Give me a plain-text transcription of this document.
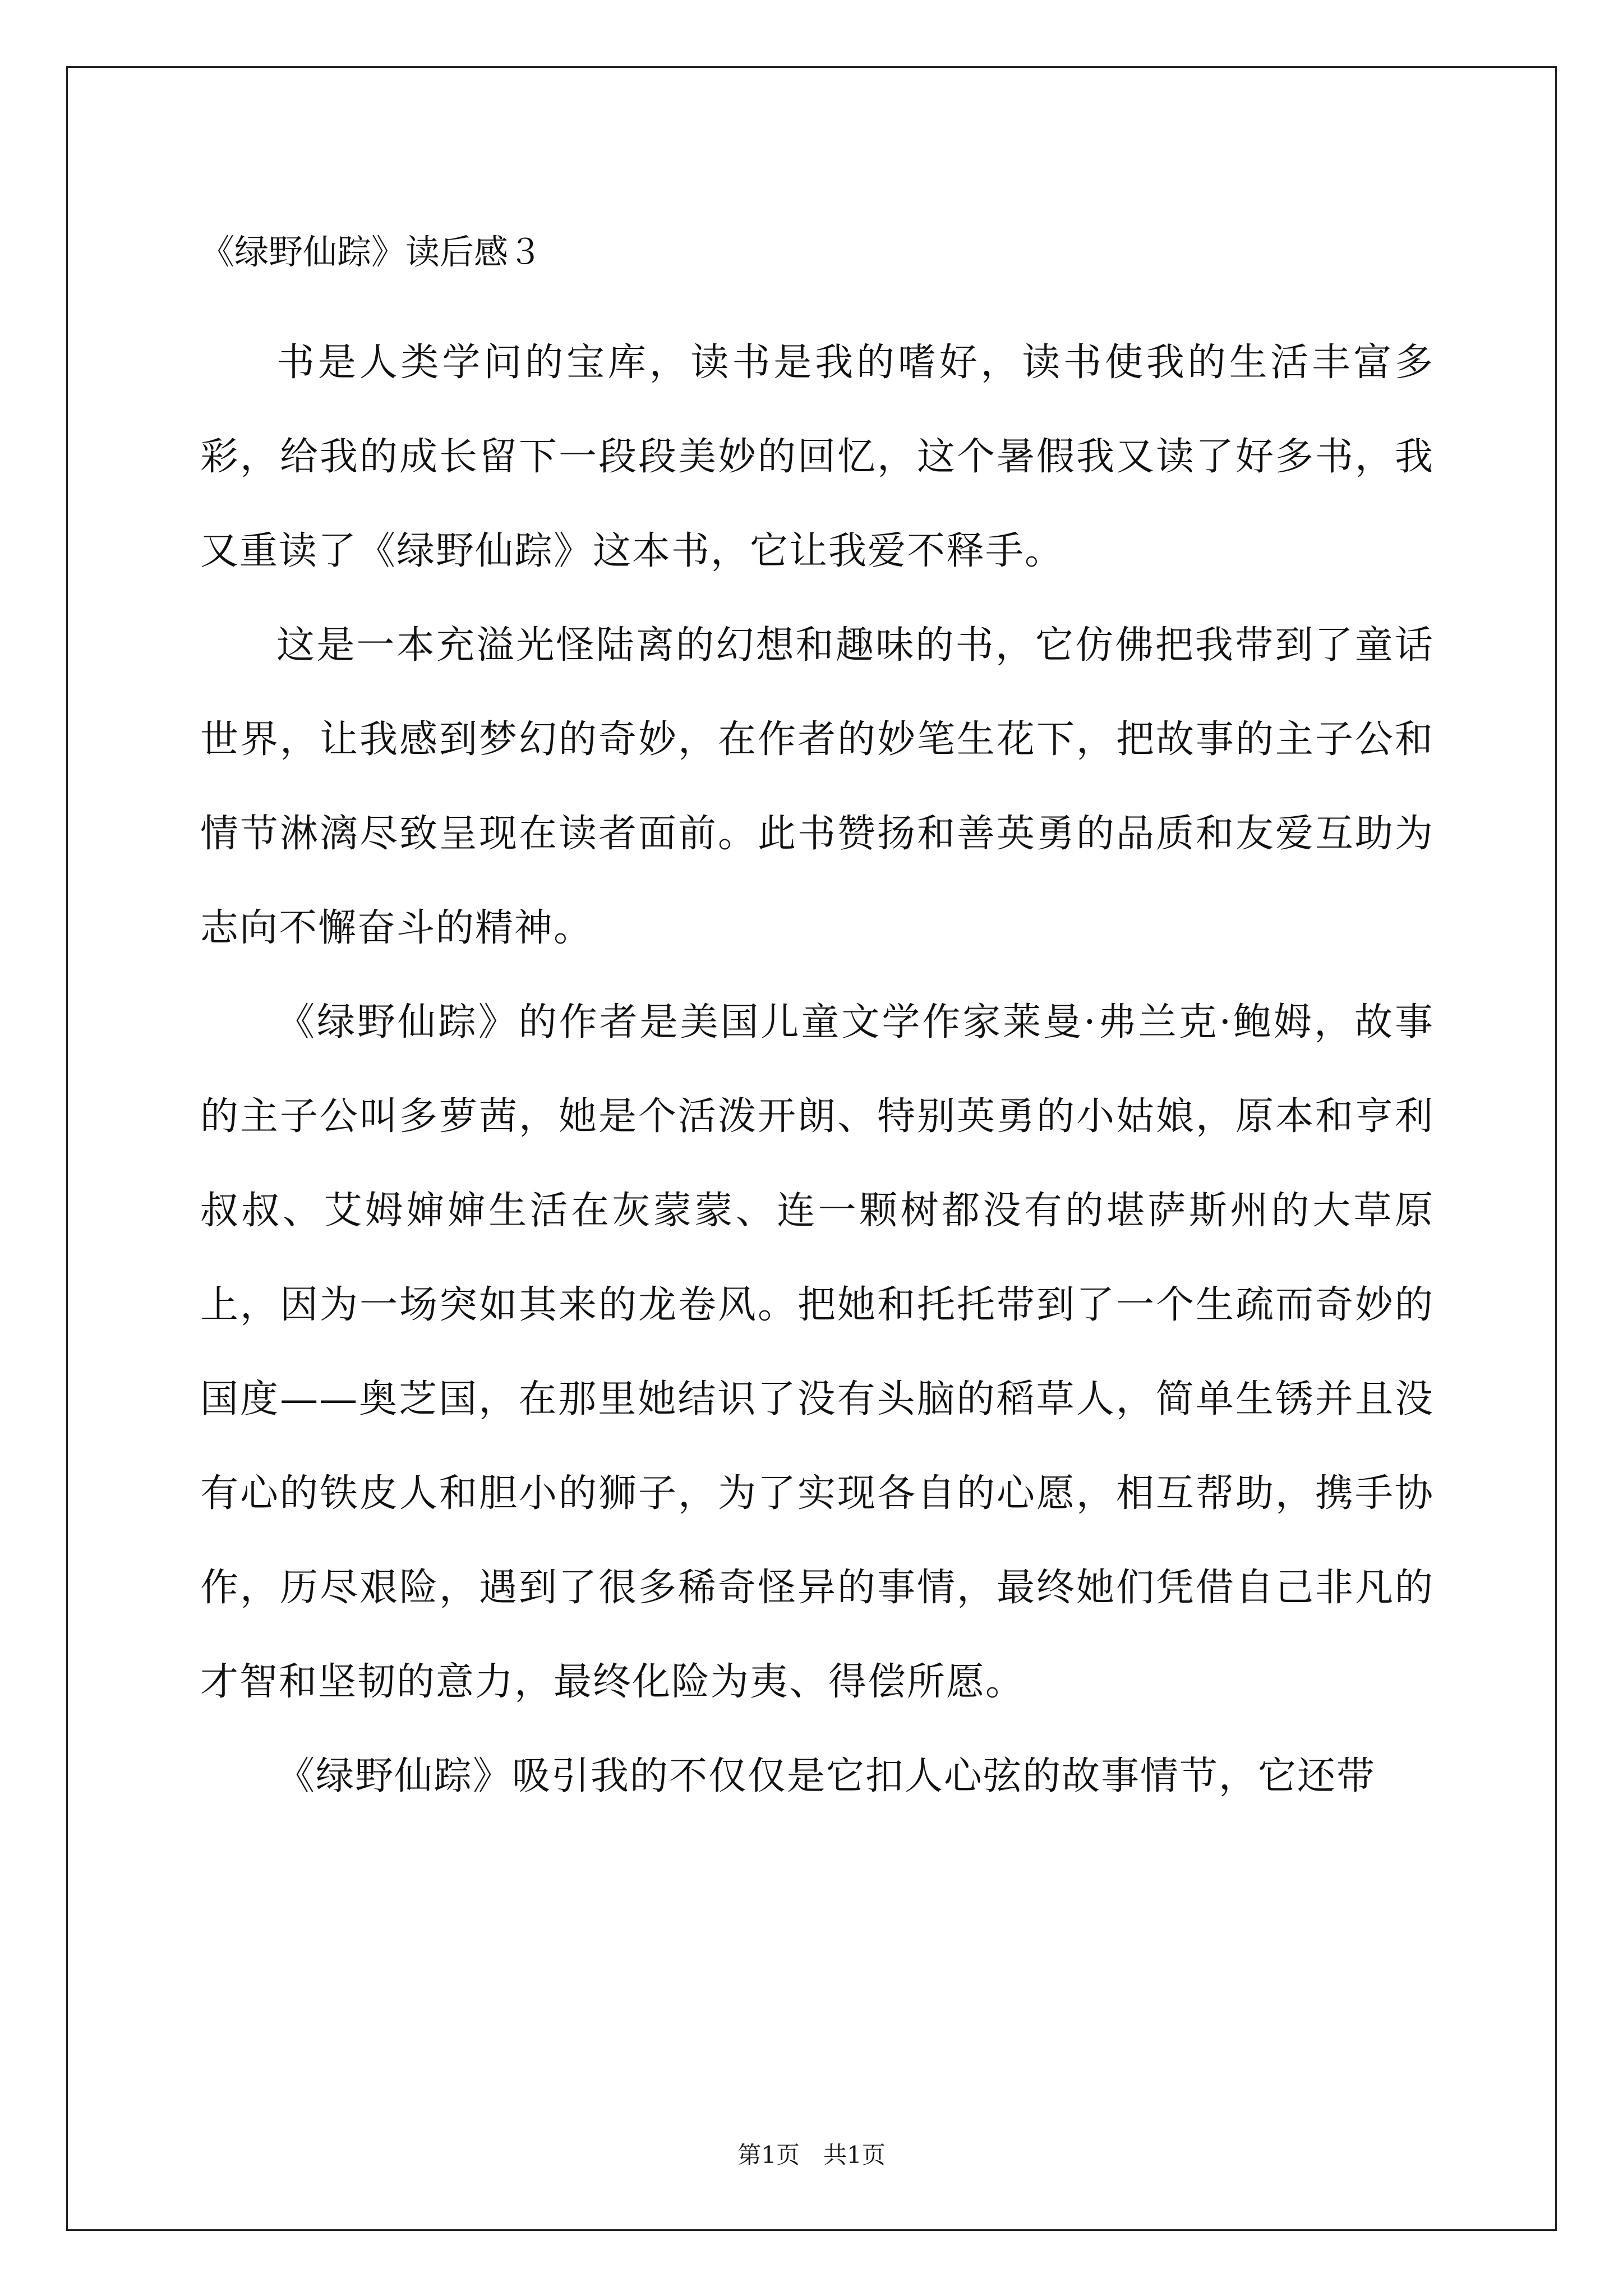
《绿野仙踪》读后感３

书是人类学问的宝库，读书是我的嗜好，读书使我的生活丰富多彩，给我的成长留下一段段美妙的回忆，这个暑假我又读了好多书，我又重读了《绿野仙踪》这本书，它让我爱不释手。

这是一本充溢光怪陆离的幻想和趣味的书，它仿佛把我带到了童话世界，让我感到梦幻的奇妙，在作者的妙笔生花下，把故事的主子公和情节淋漓尽致呈现在读者面前。此书赞扬和善英勇的品质和友爱互助为志向不懈奋斗的精神。

《绿野仙踪》的作者是美国儿童文学作家莱曼·弗兰克·鲍姆，故事的主子公叫多萝茜，她是个活泼开朗、特别英勇的小姑娘，原本和亨利叔叔、艾姆婶婶生活在灰蒙蒙、连一颗树都没有的堪萨斯州的大草原上，因为一场突如其来的龙卷风。把她和托托带到了一个生疏而奇妙的国度——奥芝国，在那里她结识了没有头脑的稻草人，简单生锈并且没有心的铁皮人和胆小的狮子，为了实现各自的心愿，相互帮助，携手协作，历尽艰险，遇到了很多稀奇怪异的事情，最终她们凭借自己非凡的才智和坚韧的意力，最终化险为夷、得偿所愿。

《绿野仙踪》吸引我的不仅仅是它扣人心弦的故事情节，它还带

第1页　共1页
